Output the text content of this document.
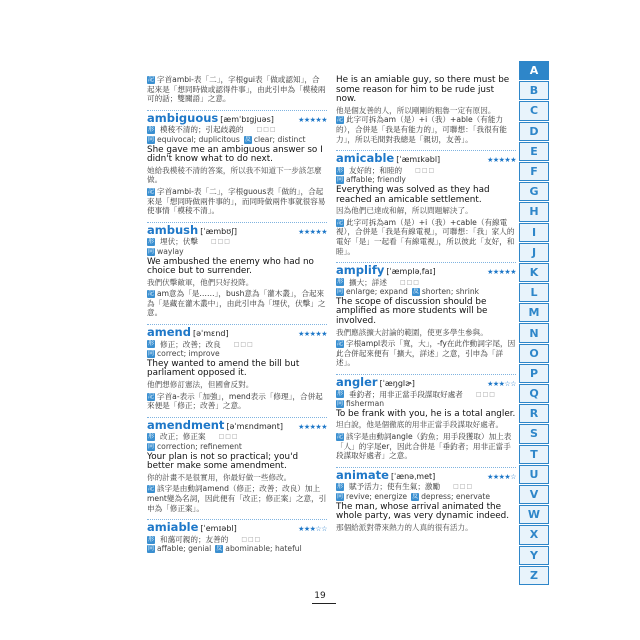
記 字首ambi-表「二」，字根gui表「做或認知」，合起來是「想同時做或認得件事」，由此引申為「模稜兩可的話；雙關語」之意。
ambiguous [æmˈbɪgjuəs]	★★★★★
形 模稜不清的；引起歧義的 □□□
同 equivocal; duplicitous 反 clear; distinct
She gave me an ambiguous answer so I didn't know what to do next.
她給我模稜不清的答案，所以我不知道下一步該怎麼做。
記 字首ambi-表「二」，字根guous表「做的」，合起來是「想同時做兩件事的」，而同時做兩件事就很容易使事情「模稜不清」。
ambush [ˈæmbʊʃ]	★★★★★
形 埋伏；伏擊 □□□
同 waylay
We ambushed the enemy who had no choice but to surrender.
我們伏擊敵軍，他們只好投降。
記 am意為「是……」，bush意為「灌木叢」，合起來為「是藏在灌木叢中」，由此引申為「埋伏，伏擊」之意。
amend [əˈmɛnd]	★★★★★
形 修正；改善；改良 □□□
同 correct; improve
They wanted to amend the bill but parliament opposed it.
他們想修訂憲法，但國會反對。
記 字首a-表示「加強」，mend表示「修理」，合併起來便是「修正；改善」之意。
amendment [əˈmɛndmənt] ★★★★★
形 改正；修正案 □□□
同 correction; refinement
Your plan is not so practical; you'd better make some amendment.
你的計畫不是很實用，你最好做一些修改。
記 該字是由動詞amend（修正；改善；改良）加上ment變為名詞，因此便有「改正；修正案」之意，引申為「修正案」。
amiable [ˈemɪəbl]	★★★☆☆
形 和藹可親的；友善的 □□□
同 affable; genial 反 abominable; hateful
He is an amiable guy, so there must be some reason for him to be rude just now.
他是個友善的人，所以剛剛的粗魯一定有原因。
記 此字可拆為am（是）+i（我）+able（有能力的），合併是「我是有能力的」，可聯想：「我很有能力」，所以毛間對我總是「親切，友善」。
amicable [ˈæmɪkəbl]	★★★★★
形 友好的；和睦的 □□□
同 affable; friendly
Everything was solved as they had reached an amicable settlement.
因為他們已達成和解，所以問題解決了。
記 此字可拆為am（是）+i（我）+cable（有線電視），合併是「我是有線電視」，可聯想：「我」家人的電好「是」一起看「有線電視」，所以彼此「友好，和睦」。
amplify [ˈæmpləˌfaɪ]	★★★★★
形 擴大；詳述 □□□
同 enlarge; expand 反 shorten; shrink
The scope of discussion should be amplified as more students will be involved.
我們應該擴大討論的範圍，使更多學生參與。
記 字根ampl表示「寬，大」，-fy在此作動詞字尾，因此合併起來便有「擴大，詳述」之意，引申為「詳述」。
angler [ˈæŋglɚ]	★★★☆☆
形 垂釣者；用非正當手段謀取好處者 □□□
同 fisherman
To be frank with you, he is a total angler.
坦白說，他是個徹底的用非正當手段謀取好處者。
記 該字是由動詞angle（釣魚；用手段獲取）加上表「人」的字尾er，因此合併是「垂釣者；用非正當手段謀取好處者」之意。
animate [ˈænəˌmet]	★★★★☆
形 賦予活力；使有生氣；激勵 □□□
同 revive; energize 反 depress; enervate
The man, whose arrival animated the whole party, was very dynamic indeed.
那個給派對帶來熱力的人真的很有活力。
A
B
C
D
E
F
G
H
I
J
K
L
M
N
O
P
Q
R
S
T
U
V
W
X
Y
Z
19
